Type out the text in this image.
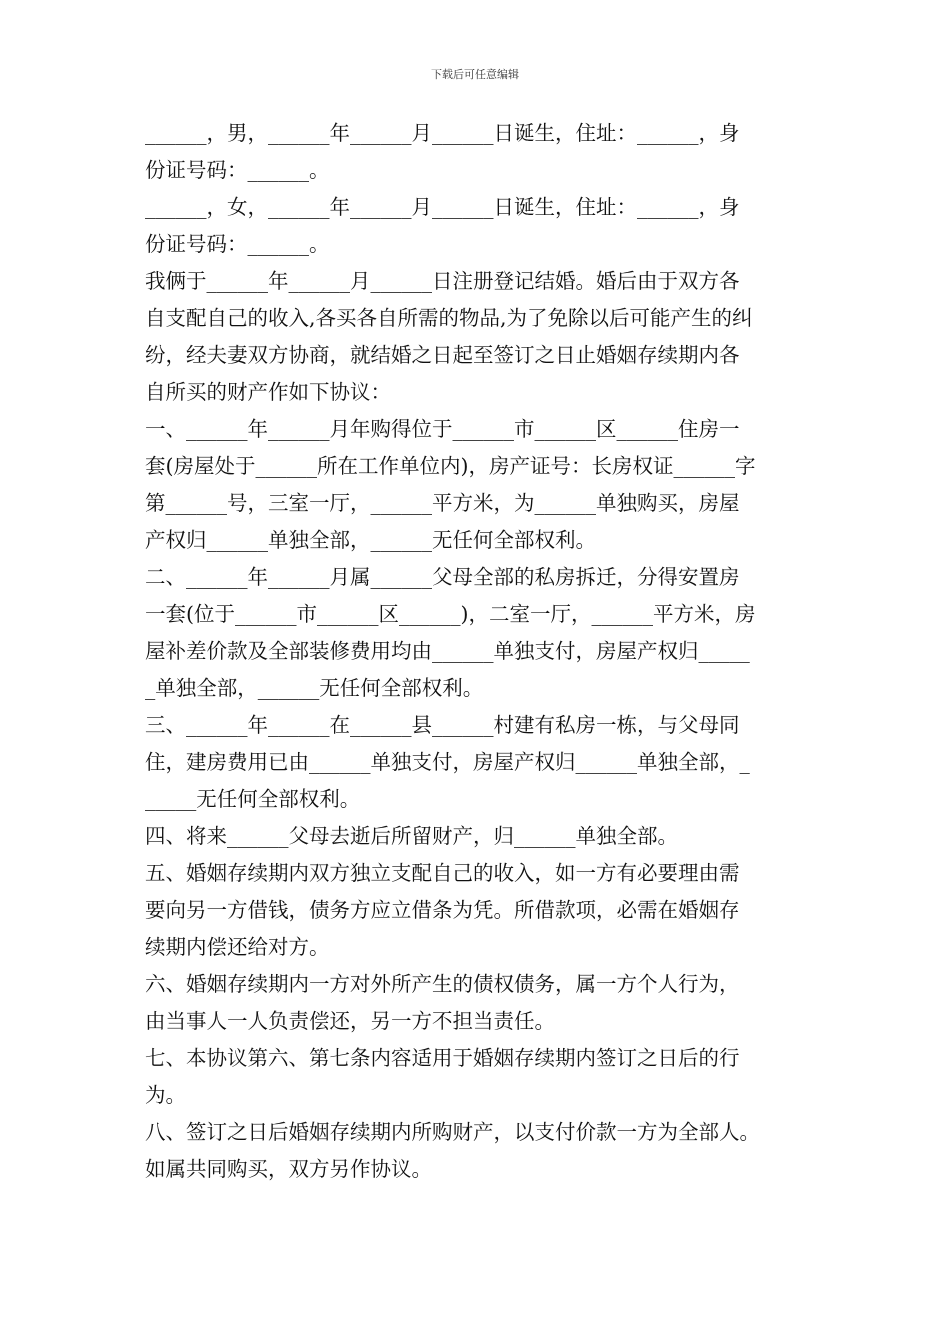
下载后可任意编辑
______，男，______年______月______日诞生，住址：______，身
份证号码：______。
______，女，______年______月______日诞生，住址：______，身
份证号码：______。
我俩于______年______月______日注册登记结婚。婚后由于双方各
自支配自己的收入,各买各自所需的物品,为了免除以后可能产生的纠
纷，经夫妻双方协商，就结婚之日起至签订之日止婚姻存续期内各
自所买的财产作如下协议：
一、______年______月年购得位于______市______区______住房一
套(房屋处于______所在工作单位内)，房产证号：长房权证______字
第______号，三室一厅，______平方米，为______单独购买，房屋
产权归______单独全部，______无任何全部权利。
二、______年______月属______父母全部的私房拆迁，分得安置房
一套(位于______市______区______)，二室一厅，______平方米，房
屋补差价款及全部装修费用均由______单独支付，房屋产权归_____
_单独全部，______无任何全部权利。
三、______年______在______县______村建有私房一栋，与父母同
住，建房费用已由______单独支付，房屋产权归______单独全部，_
_____无任何全部权利。
四、将来______父母去逝后所留财产，归______单独全部。
五、婚姻存续期内双方独立支配自己的收入，如一方有必要理由需
要向另一方借钱，债务方应立借条为凭。所借款项，必需在婚姻存
续期内偿还给对方。
六、婚姻存续期内一方对外所产生的债权债务，属一方个人行为，
由当事人一人负责偿还，另一方不担当责任。
七、本协议第六、第七条内容适用于婚姻存续期内签订之日后的行
为。
八、签订之日后婚姻存续期内所购财产，以支付价款一方为全部人。
如属共同购买，双方另作协议。
